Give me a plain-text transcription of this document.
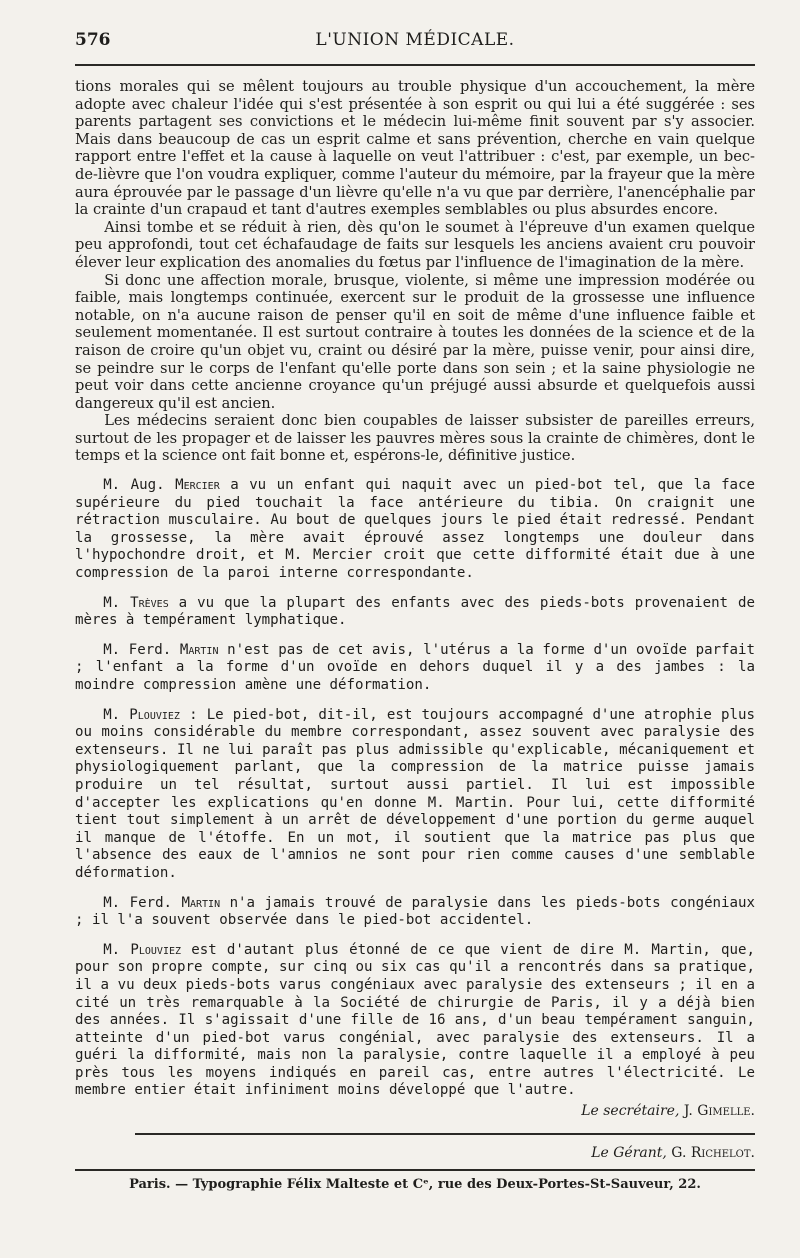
576	L'UNION MÉDICALE.

tions morales qui se mêlent toujours au trouble physique d'un accouchement, la mère adopte avec chaleur l'idée qui s'est présentée à son esprit ou qui lui a été suggérée : ses parents partagent ses convictions et le médecin lui-même finit souvent par s'y associer. Mais dans beaucoup de cas un esprit calme et sans prévention, cherche en vain quelque rapport entre l'effet et la cause à laquelle on veut l'attribuer : c'est, par exemple, un bec-de-lièvre que l'on voudra expliquer, comme l'auteur du mémoire, par la frayeur que la mère aura éprouvée par le passage d'un lièvre qu'elle n'a vu que par derrière, l'anencéphalie par la crainte d'un crapaud et tant d'autres exemples semblables ou plus absurdes encore.

Ainsi tombe et se réduit à rien, dès qu'on le soumet à l'épreuve d'un examen quelque peu approfondi, tout cet échafaudage de faits sur lesquels les anciens avaient cru pouvoir élever leur explication des anomalies du fœtus par l'influence de l'imagination de la mère.

Si donc une affection morale, brusque, violente, si même une impression modérée ou faible, mais longtemps continuée, exercent sur le produit de la grossesse une influence notable, on n'a aucune raison de penser qu'il en soit de même d'une influence faible et seulement momentanée. Il est surtout contraire à toutes les données de la science et de la raison de croire qu'un objet vu, craint ou désiré par la mère, puisse venir, pour ainsi dire, se peindre sur le corps de l'enfant qu'elle porte dans son sein ; et la saine physiologie ne peut voir dans cette ancienne croyance qu'un préjugé aussi absurde et quelquefois aussi dangereux qu'il est ancien.

Les médecins seraient donc bien coupables de laisser subsister de pareilles erreurs, surtout de les propager et de laisser les pauvres mères sous la crainte de chimères, dont le temps et la science ont fait bonne et, espérons-le, définitive justice.

M. Aug. Mercier a vu un enfant qui naquit avec un pied-bot tel, que la face supérieure du pied touchait la face antérieure du tibia. On craignit une rétraction musculaire. Au bout de quelques jours le pied était redressé. Pendant la grossesse, la mère avait éprouvé assez longtemps une douleur dans l'hypochondre droit, et M. Mercier croit que cette difformité était due à une compression de la paroi interne correspondante.

M. Trèves a vu que la plupart des enfants avec des pieds-bots provenaient de mères à tempérament lymphatique.

M. Ferd. Martin n'est pas de cet avis, l'utérus a la forme d'un ovoïde parfait ; l'enfant a la forme d'un ovoïde en dehors duquel il y a des jambes : la moindre compression amène une déformation.

M. Plouviez : Le pied-bot, dit-il, est toujours accompagné d'une atrophie plus ou moins considérable du membre correspondant, assez souvent avec paralysie des extenseurs. Il ne lui paraît pas plus admissible qu'explicable, mécaniquement et physiologiquement parlant, que la compression de la matrice puisse jamais produire un tel résultat, surtout aussi partiel. Il lui est impossible d'accepter les explications qu'en donne M. Martin. Pour lui, cette difformité tient tout simplement à un arrêt de développement d'une portion du germe auquel il manque de l'étoffe. En un mot, il soutient que la matrice pas plus que l'absence des eaux de l'amnios ne sont pour rien comme causes d'une semblable déformation.

M. Ferd. Martin n'a jamais trouvé de paralysie dans les pieds-bots congéniaux ; il l'a souvent observée dans le pied-bot accidentel.

M. Plouviez est d'autant plus étonné de ce que vient de dire M. Martin, que, pour son propre compte, sur cinq ou six cas qu'il a rencontrés dans sa pratique, il a vu deux pieds-bots varus congéniaux avec paralysie des extenseurs ; il en a cité un très remarquable à la Société de chirurgie de Paris, il y a déjà bien des années. Il s'agissait d'une fille de 16 ans, d'un beau tempérament sanguin, atteinte d'un pied-bot varus congénial, avec paralysie des extenseurs. Il a guéri la difformité, mais non la paralysie, contre laquelle il a employé à peu près tous les moyens indiqués en pareil cas, entre autres l'électricité. Le membre entier était infiniment moins développé que l'autre.

Le secrétaire, J. Gimelle.
Le Gérant, G. Richelot.
Paris. — Typographie Félix Malteste et Cᵉ, rue des Deux-Portes-St-Sauveur, 22.
